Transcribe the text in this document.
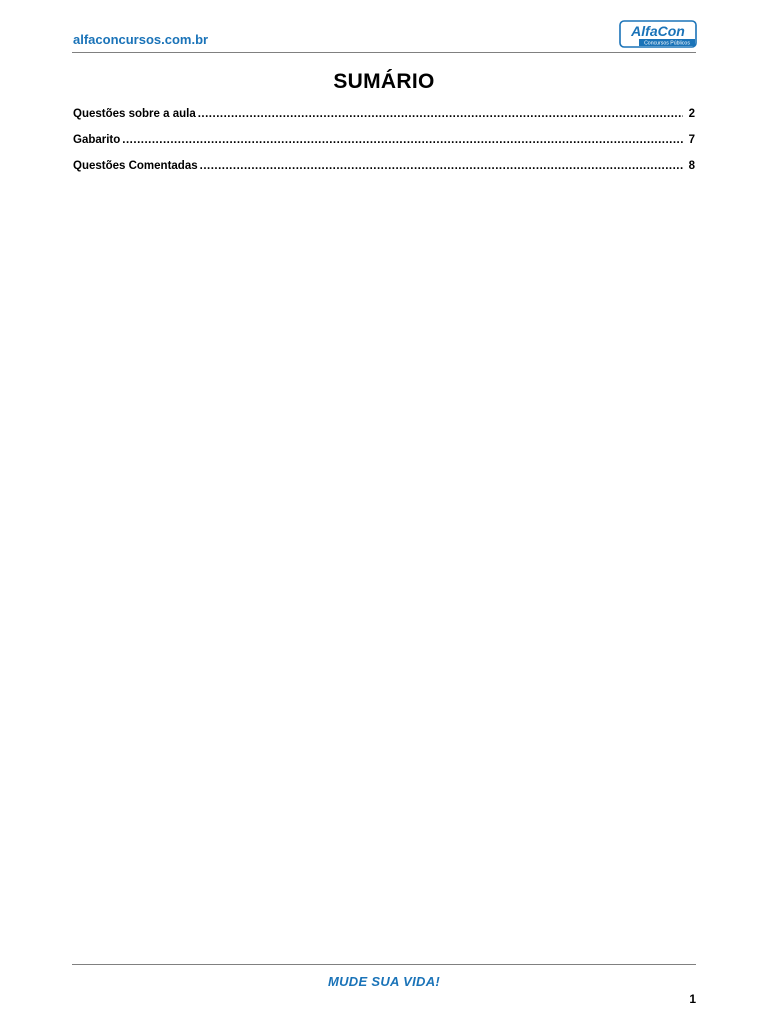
alfaconcursos.com.br
AlfaCon
Concursos Públicos
SUMÁRIO
Questões sobre a aula .....	2
Gabarito .....	7
Questões Comentadas .....	8
MUDE SUA VIDA!
1
